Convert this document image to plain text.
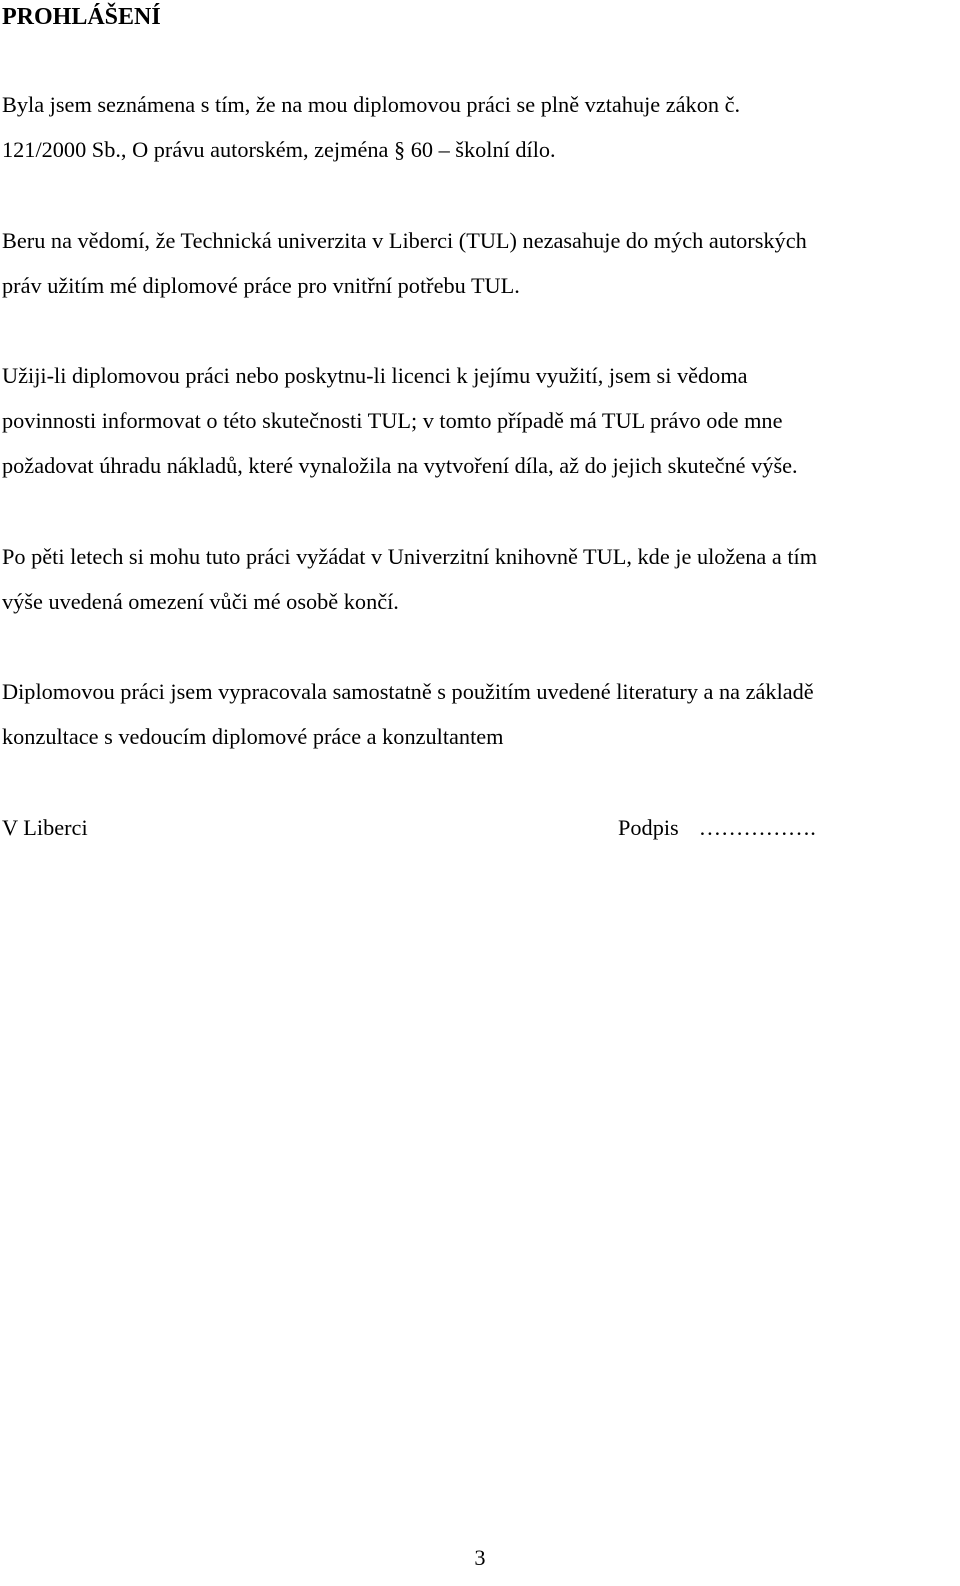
PROHLÁŠENÍ

Byla jsem seznámena s tím, že na mou diplomovou práci se plně vztahuje zákon č.
121/2000 Sb., O právu autorském, zejména § 60 – školní dílo.

Beru na vědomí, že Technická univerzita v Liberci (TUL) nezasahuje do mých autorských
práv užitím mé diplomové práce pro vnitřní potřebu TUL.

Užiji-li diplomovou práci nebo poskytnu-li licenci k jejímu využití, jsem si vědoma
povinnosti informovat o této skutečnosti TUL; v tomto případě má TUL právo ode mne
požadovat úhradu nákladů, které vynaložila na vytvoření díla, až do jejich skutečné výše.

Po pěti letech si mohu tuto práci vyžádat v Univerzitní knihovně TUL, kde je uložena a tím
výše uvedená omezení vůči mé osobě končí.

Diplomovou práci jsem vypracovala samostatně s použitím uvedené literatury a na základě
konzultace s vedoucím diplomové práce a konzultantem

V Liberci	Podpis …………….
3
